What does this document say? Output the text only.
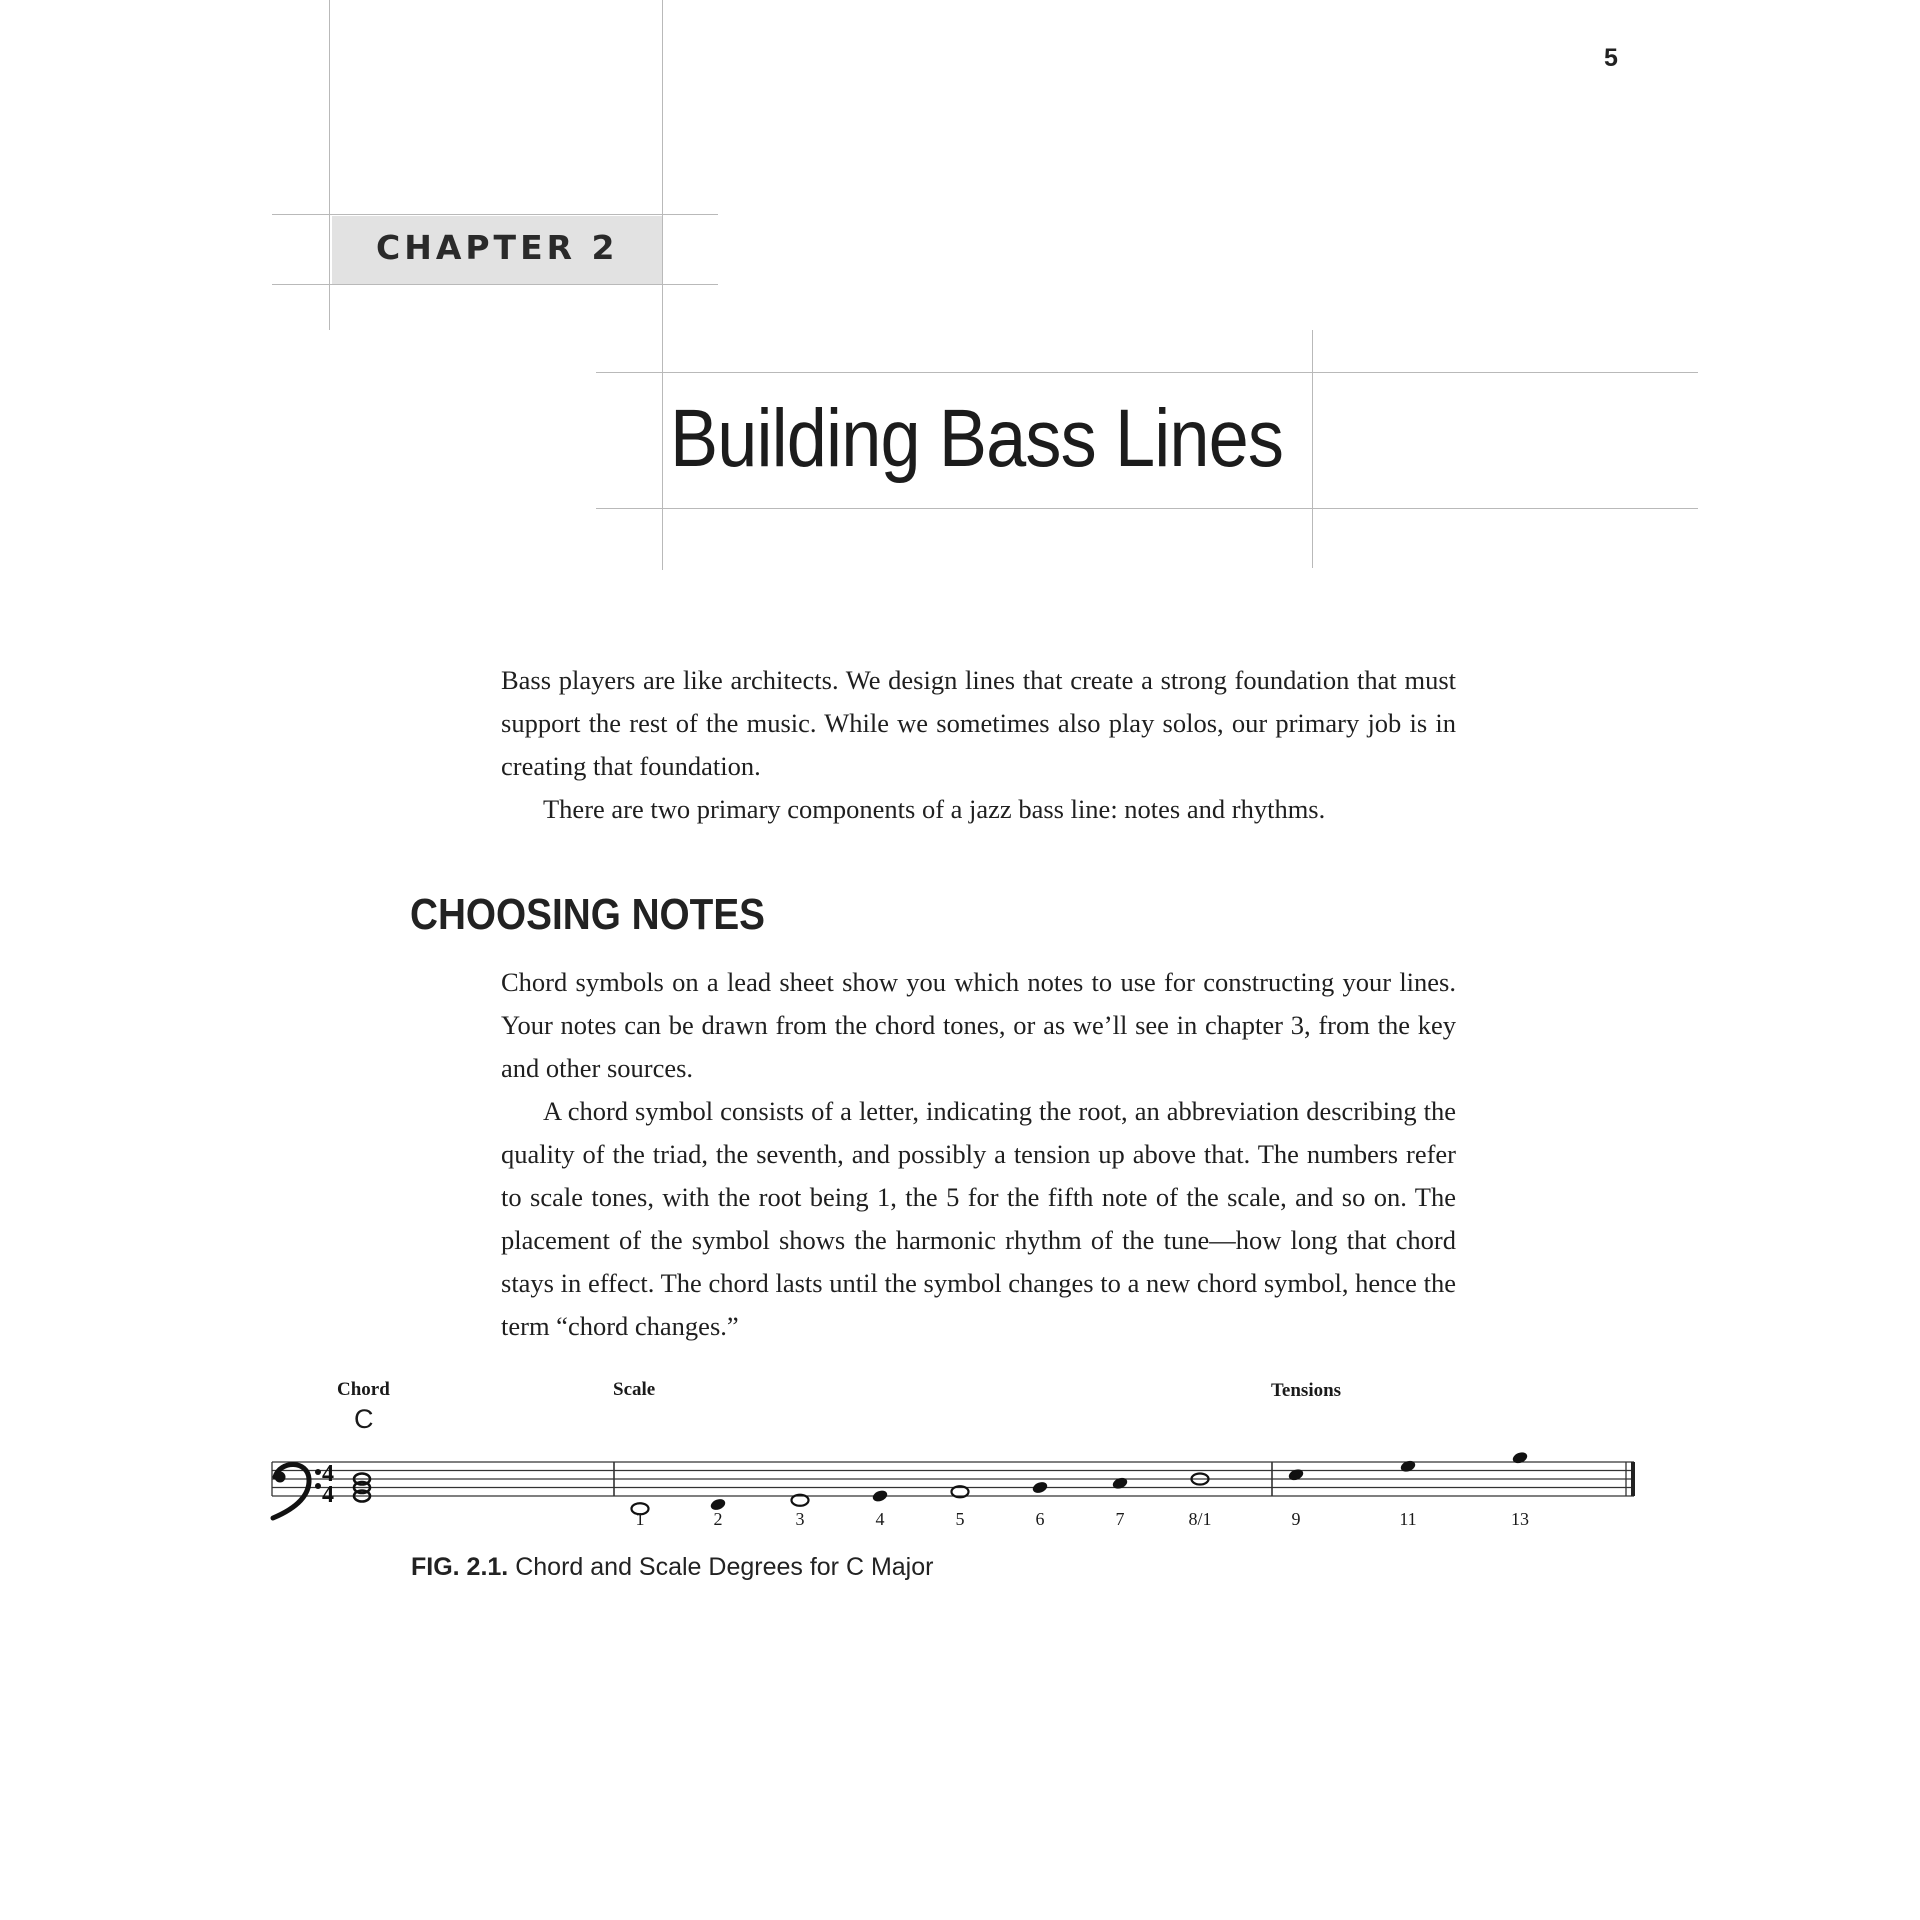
5
CHAPTER 2
Building Bass Lines

Bass players are like architects. We design lines that create a strong foundation that must support the rest of the music. While we sometimes also play solos, our primary job is in creating that foundation.

There are two primary components of a jazz bass line: notes and rhythms.

CHOOSING NOTES

Chord symbols on a lead sheet show you which notes to use for constructing your lines. Your notes can be drawn from the chord tones, or as we’ll see in chapter 3, from the key and other sources.

A chord symbol consists of a letter, indicating the root, an abbreviation describing the quality of the triad, the seventh, and possibly a tension up above that. The numbers refer to scale tones, with the root being 1, the 5 for the fifth note of the scale, and so on. The placement of the symbol shows the harmonic rhythm of the tune—how long that chord stays in effect. The chord lasts until the symbol changes to a new chord symbol, hence the term “chord changes.”

Chord	Scale	Tensions
C
1	2	3	4	5	6	7	8/1	9	11	13
4
4
FIG. 2.1. Chord and Scale Degrees for C Major
